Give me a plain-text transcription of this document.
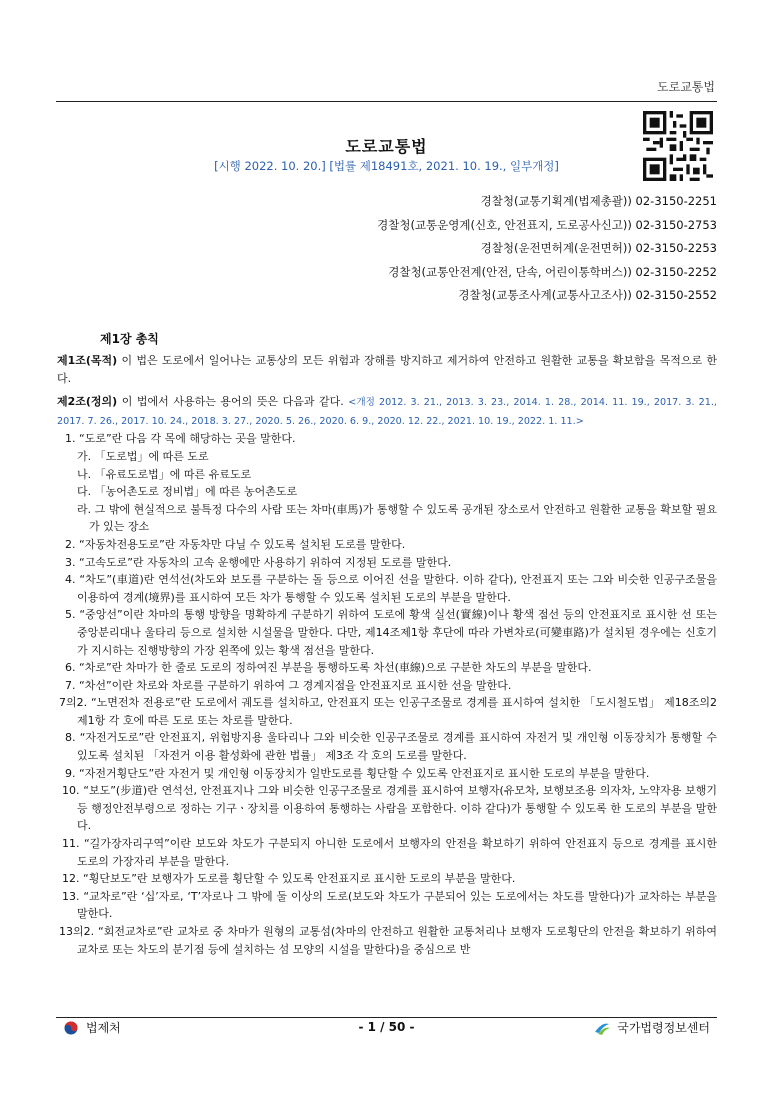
도로교통법
도로교통법
[시행 2022. 10. 20.] [법률 제18491호, 2021. 10. 19., 일부개정]
경찰청(교통기획계(법제총괄)) 02-3150-2251
경찰청(교통운영계(신호, 안전표지, 도로공사신고)) 02-3150-2753
경찰청(운전면허계(운전면허)) 02-3150-2253
경찰청(교통안전계(안전, 단속, 어린이통학버스)) 02-3150-2252
경찰청(교통조사계(교통사고조사)) 02-3150-2552
제1장 총칙

제1조(목적) 이 법은 도로에서 일어나는 교통상의 모든 위험과 장해를 방지하고 제거하여 안전하고 원활한 교통을 확보함을 목적으로 한다.

제2조(정의) 이 법에서 사용하는 용어의 뜻은 다음과 같다. <개정 2012. 3. 21., 2013. 3. 23., 2014. 1. 28., 2014. 11. 19., 2017. 3. 21., 2017. 7. 26., 2017. 10. 24., 2018. 3. 27., 2020. 5. 26., 2020. 6. 9., 2020. 12. 22., 2021. 10. 19., 2022. 1. 11.>

1. “도로”란 다음 각 목에 해당하는 곳을 말한다.

가. 「도로법」에 따른 도로

나. 「유료도로법」에 따른 유료도로

다. 「농어촌도로 정비법」에 따른 농어촌도로

라. 그 밖에 현실적으로 불특정 다수의 사람 또는 차마(車馬)가 통행할 수 있도록 공개된 장소로서 안전하고 원활한 교통을 확보할 필요가 있는 장소

2. “자동차전용도로”란 자동차만 다닐 수 있도록 설치된 도로를 말한다.

3. “고속도로”란 자동차의 고속 운행에만 사용하기 위하여 지정된 도로를 말한다.

4. “차도”(車道)란 연석선(차도와 보도를 구분하는 돌 등으로 이어진 선을 말한다. 이하 같다), 안전표지 또는 그와 비슷한 인공구조물을 이용하여 경계(境界)를 표시하여 모든 차가 통행할 수 있도록 설치된 도로의 부분을 말한다.

5. “중앙선”이란 차마의 통행 방향을 명확하게 구분하기 위하여 도로에 황색 실선(實線)이나 황색 점선 등의 안전표지로 표시한 선 또는 중앙분리대나 울타리 등으로 설치한 시설물을 말한다. 다만, 제14조제1항 후단에 따라 가변차로(可變車路)가 설치된 경우에는 신호기가 지시하는 진행방향의 가장 왼쪽에 있는 황색 점선을 말한다.

6. “차로”란 차마가 한 줄로 도로의 정하여진 부분을 통행하도록 차선(車線)으로 구분한 차도의 부분을 말한다.

7. “차선”이란 차로와 차로를 구분하기 위하여 그 경계지점을 안전표지로 표시한 선을 말한다.

7의2. “노면전차 전용로”란 도로에서 궤도를 설치하고, 안전표지 또는 인공구조물로 경계를 표시하여 설치한 「도시철도법」 제18조의2제1항 각 호에 따른 도로 또는 차로를 말한다.

8. “자전거도로”란 안전표지, 위험방지용 울타리나 그와 비슷한 인공구조물로 경계를 표시하여 자전거 및 개인형 이동장치가 통행할 수 있도록 설치된 「자전거 이용 활성화에 관한 법률」 제3조 각 호의 도로를 말한다.

9. “자전거횡단도”란 자전거 및 개인형 이동장치가 일반도로를 횡단할 수 있도록 안전표지로 표시한 도로의 부분을 말한다.

10. “보도”(步道)란 연석선, 안전표지나 그와 비슷한 인공구조물로 경계를 표시하여 보행자(유모차, 보행보조용 의자차, 노약자용 보행기 등 행정안전부령으로 정하는 기구ㆍ장치를 이용하여 통행하는 사람을 포함한다. 이하 같다)가 통행할 수 있도록 한 도로의 부분을 말한다.

11. “길가장자리구역”이란 보도와 차도가 구분되지 아니한 도로에서 보행자의 안전을 확보하기 위하여 안전표지 등으로 경계를 표시한 도로의 가장자리 부분을 말한다.

12. “횡단보도”란 보행자가 도로를 횡단할 수 있도록 안전표지로 표시한 도로의 부분을 말한다.

13. “교차로”란 ‘십’자로, ‘T’자로나 그 밖에 둘 이상의 도로(보도와 차도가 구분되어 있는 도로에서는 차도를 말한다)가 교차하는 부분을 말한다.

13의2. “회전교차로”란 교차로 중 차마가 원형의 교통섬(차마의 안전하고 원활한 교통처리나 보행자 도로횡단의 안전을 확보하기 위하여 교차로 또는 차도의 분기점 등에 설치하는 섬 모양의 시설을 말한다)을 중심으로 반

법제처	- 1 / 50 -	국가법령정보센터
